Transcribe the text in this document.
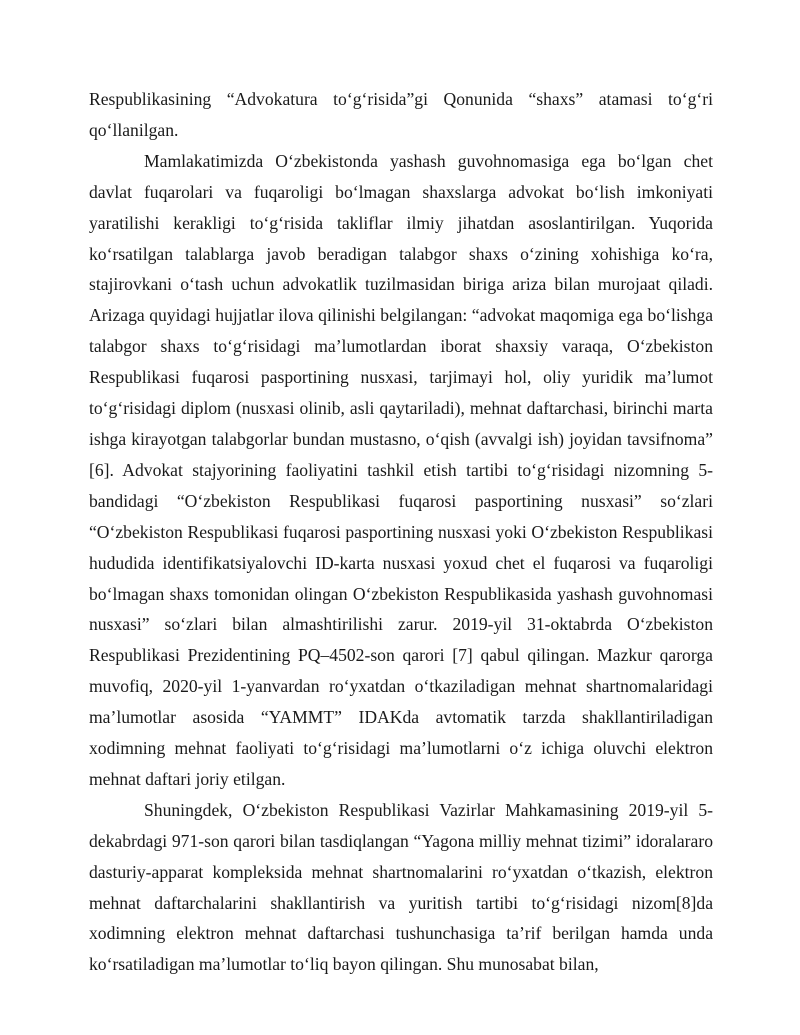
Respublikasining “Advokatura to‘g‘risida”gi Qonunida “shaxs” atamasi to‘g‘ri qo‘llanilgan.

Mamlakatimizda O‘zbekistonda yashash guvohnomasiga ega bo‘lgan chet davlat fuqarolari va fuqaroligi bo‘lmagan shaxslarga advokat bo‘lish imkoniyati yaratilishi kerakligi to‘g‘risida takliflar ilmiy jihatdan asoslantirilgan. Yuqorida ko‘rsatilgan talablarga javob beradigan talabgor shaxs o‘zining xohishiga ko‘ra, stajirovkani o‘tash uchun advokatlik tuzilmasidan biriga ariza bilan murojaat qiladi. Arizaga quyidagi hujjatlar ilova qilinishi belgilangan: “advokat maqomiga ega bo‘lishga talabgor shaxs to‘g‘risidagi ma’lumotlardan iborat shaxsiy varaqa, O‘zbekiston Respublikasi fuqarosi pasportining nusxasi, tarjimayi hol, oliy yuridik ma’lumot to‘g‘risidagi diplom (nusxasi olinib, asli qaytariladi), mehnat daftarchasi, birinchi marta ishga kirayotgan talabgorlar bundan mustasno, o‘qish (avvalgi ish) joyidan tavsifnoma” [6]. Advokat stajyorining faoliyatini tashkil etish tartibi to‘g‘risidagi nizomning 5- bandidagi “O‘zbekiston Respublikasi fuqarosi pasportining nusxasi” so‘zlari “O‘zbekiston Respublikasi fuqarosi pasportining nusxasi yoki O‘zbekiston Respublikasi hududida identifikatsiyalovchi ID-karta nusxasi yoxud chet el fuqarosi va fuqaroligi bo‘lmagan shaxs tomonidan olingan O‘zbekiston Respublikasida yashash guvohnomasi nusxasi” so‘zlari bilan almashtirilishi zarur. 2019-yil 31-oktabrda O‘zbekiston Respublikasi Prezidentining PQ–4502-son qarori [7] qabul qilingan. Mazkur qarorga muvofiq, 2020-yil 1-yanvardan ro‘yxatdan o‘tkaziladigan mehnat shartnomalaridagi ma’lumotlar asosida “YAMMT” IDAKda avtomatik tarzda shakllantiriladigan xodimning mehnat faoliyati to‘g‘risidagi ma’lumotlarni o‘z ichiga oluvchi elektron mehnat daftari joriy etilgan.

Shuningdek, O‘zbekiston Respublikasi Vazirlar Mahkamasining 2019-yil 5-dekabrdagi 971-son qarori bilan tasdiqlangan “Yagona milliy mehnat tizimi” idoralararo dasturiy-apparat kompleksida mehnat shartnomalarini ro‘yxatdan o‘tkazish, elektron mehnat daftarchalarini shakllantirish va yuritish tartibi to‘g‘risidagi nizom[8]da xodimning elektron mehnat daftarchasi tushunchasiga ta’rif berilgan hamda unda ko‘rsatiladigan ma’lumotlar to‘liq bayon qilingan. Shu munosabat bilan,
